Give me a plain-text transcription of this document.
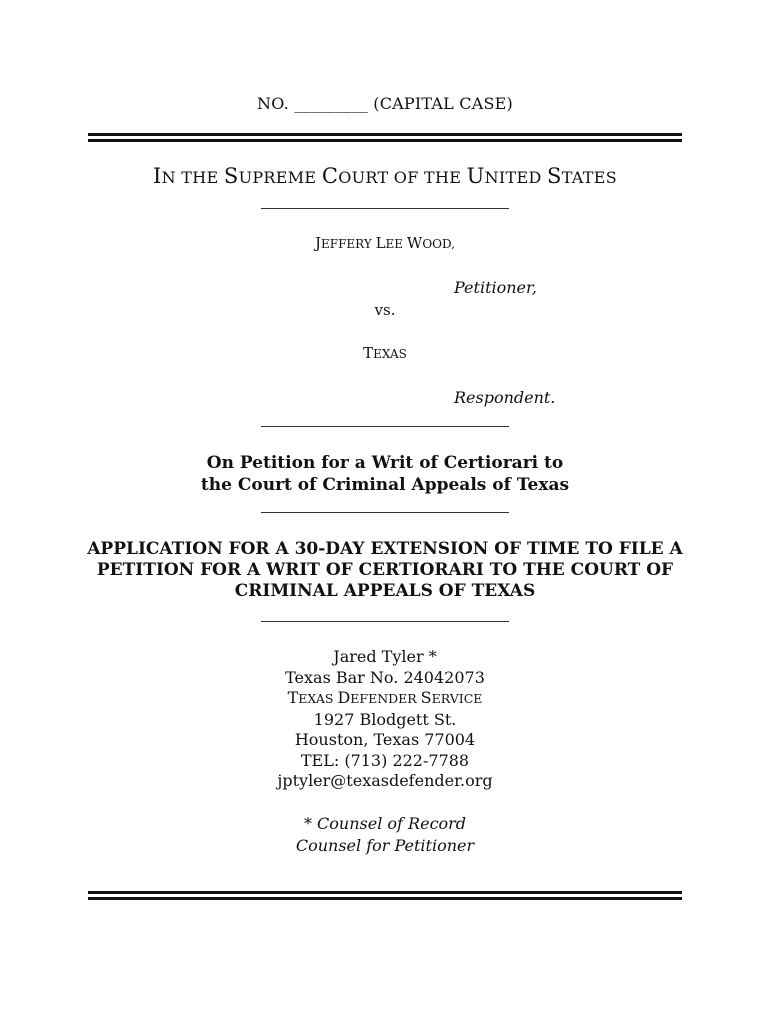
NO. _________ (CAPITAL CASE)
IN THE SUPREME COURT OF THE UNITED STATES
JEFFERY LEE WOOD,
Petitioner,
vs.
TEXAS
Respondent.
On Petition for a Writ of Certiorari to
the Court of Criminal Appeals of Texas
APPLICATION FOR A 30-DAY EXTENSION OF TIME TO FILE A
PETITION FOR A WRIT OF CERTIORARI TO THE COURT OF
CRIMINAL APPEALS OF TEXAS
Jared Tyler *
Texas Bar No. 24042073
TEXAS DEFENDER SERVICE
1927 Blodgett St.
Houston, Texas 77004
TEL: (713) 222-7788
jptyler@texasdefender.org
* Counsel of Record
Counsel for Petitioner
